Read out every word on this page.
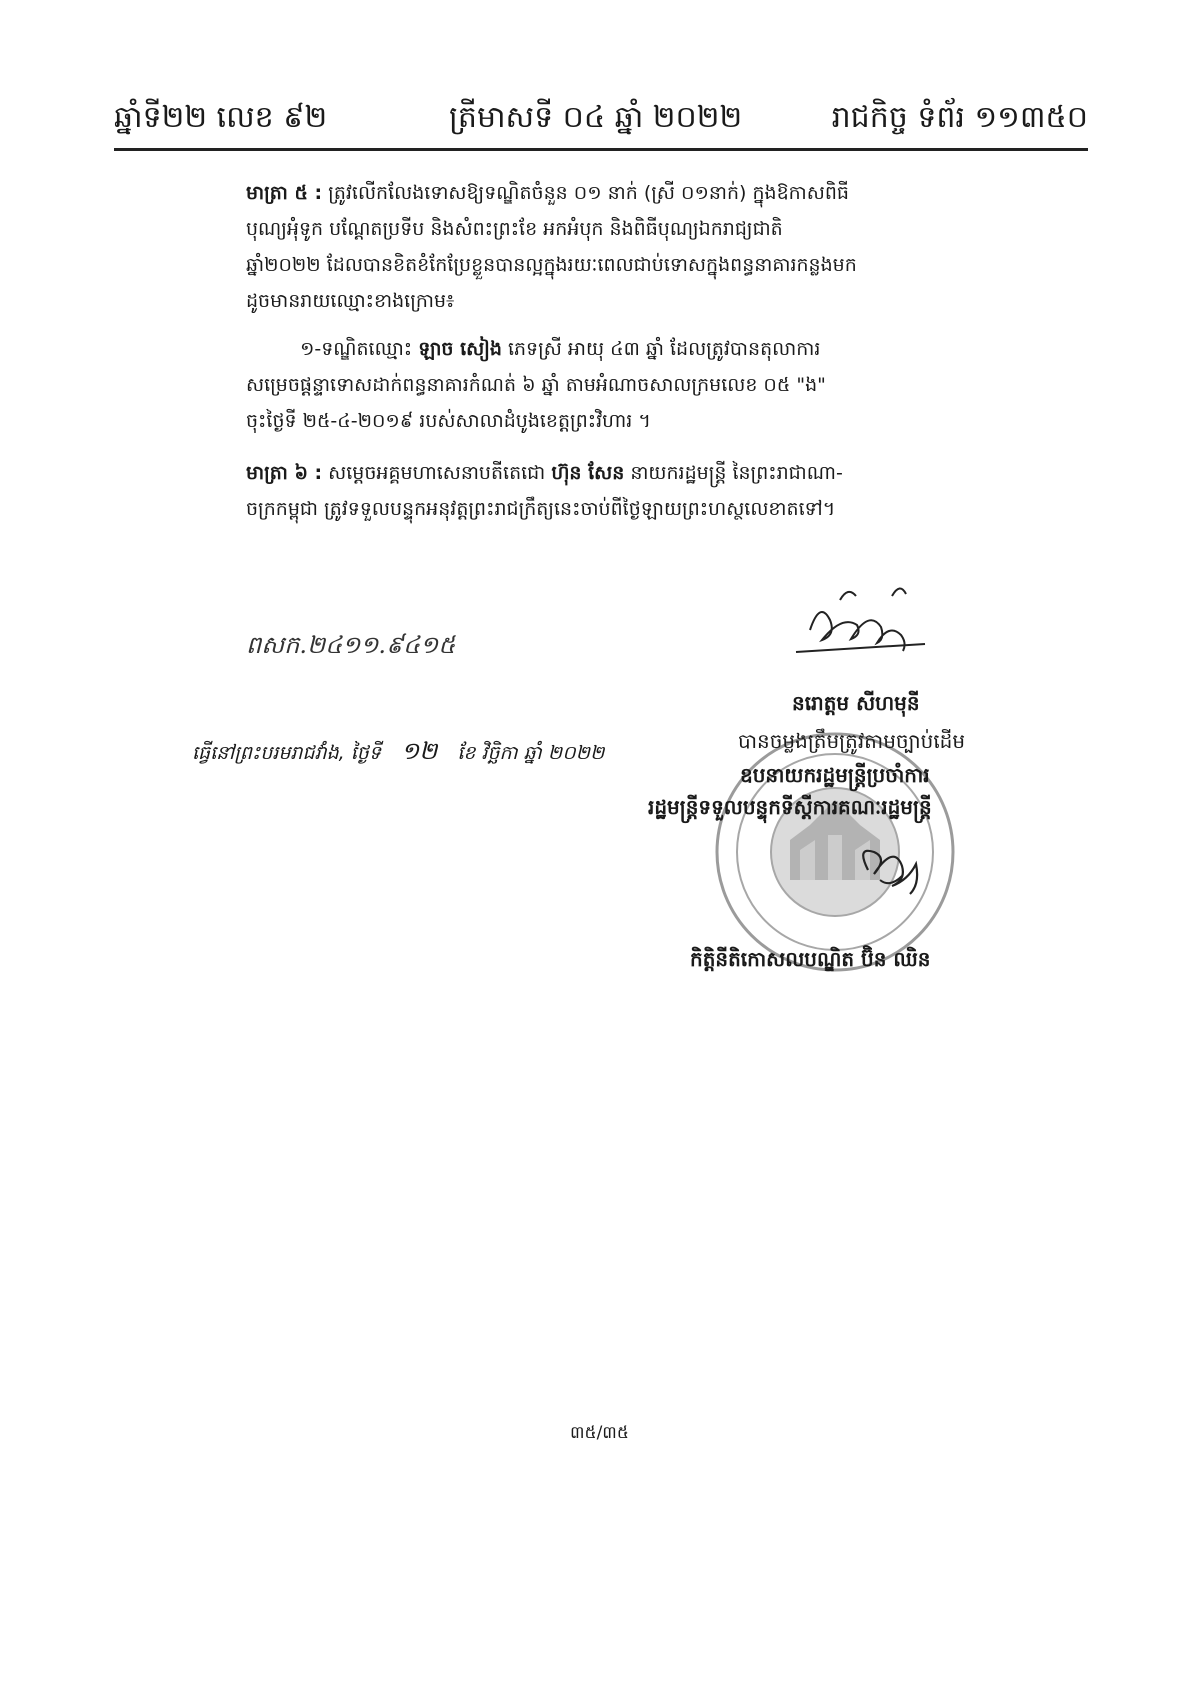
ឆ្នាំទី២២ លេខ ៩២	ត្រីមាសទី ០៤ ឆ្នាំ ២០២២	រាជកិច្ច ទំព័រ ១១៣៥០
មាត្រា ៥ : ត្រូវលើកលែងទោសឱ្យទណ្ឌិតចំនួន ០១ នាក់ (ស្រី ០១នាក់) ក្នុងឱកាសពិធី
បុណ្យអុំទូក បណ្ដែតប្រទីប និងសំពះព្រះខែ អកអំបុក និងពិធីបុណ្យឯករាជ្យជាតិ
ឆ្នាំ២០២២ ដែលបានខិតខំកែប្រែខ្លួនបានល្អក្នុងរយៈពេលជាប់ទោសក្នុងពន្ធនាគារកន្លងមក
ដូចមានរាយឈ្មោះខាងក្រោម៖
១-ទណ្ឌិតឈ្មោះ ឡាច សៀង ភេទស្រី អាយុ ៤៣ ឆ្នាំ ដែលត្រូវបានតុលាការ
សម្រេចផ្តន្ទាទោសដាក់ពន្ធនាគារកំណត់ ៦ ឆ្នាំ តាមអំណាចសាលក្រមលេខ ០៥ "ង"
ចុះថ្ងៃទី ២៥-៤-២០១៩ របស់សាលាដំបូងខេត្តព្រះវិហារ ។
មាត្រា ៦ : សម្តេចអគ្គមហាសេនាបតីតេជោ ហ៊ុន សែន នាយករដ្ឋមន្ត្រី នៃព្រះរាជាណា-
ចក្រកម្ពុជា ត្រូវទទួលបន្ទុកអនុវត្តព្រះរាជក្រឹត្យនេះចាប់ពីថ្ងៃឡាយព្រះហស្ថលេខាតទៅ។
ពសក.២៤១១.៩៤១៥
ធ្វើនៅព្រះបរមរាជវាំង, ថ្ងៃទី ១២ ខែ វិច្ឆិកា ឆ្នាំ ២០២២
នរោត្តម សីហមុនី
បានចម្លងត្រឹមត្រូវតាមច្បាប់ដើម
ឧបនាយករដ្ឋមន្ត្រីប្រចាំការ
រដ្ឋមន្ត្រីទទួលបន្ទុកទីស្ដីការគណៈរដ្ឋមន្ត្រី
កិត្តិនីតិកោសលបណ្ឌិត ប៊ិន ឈិន
៣៥/៣៥
